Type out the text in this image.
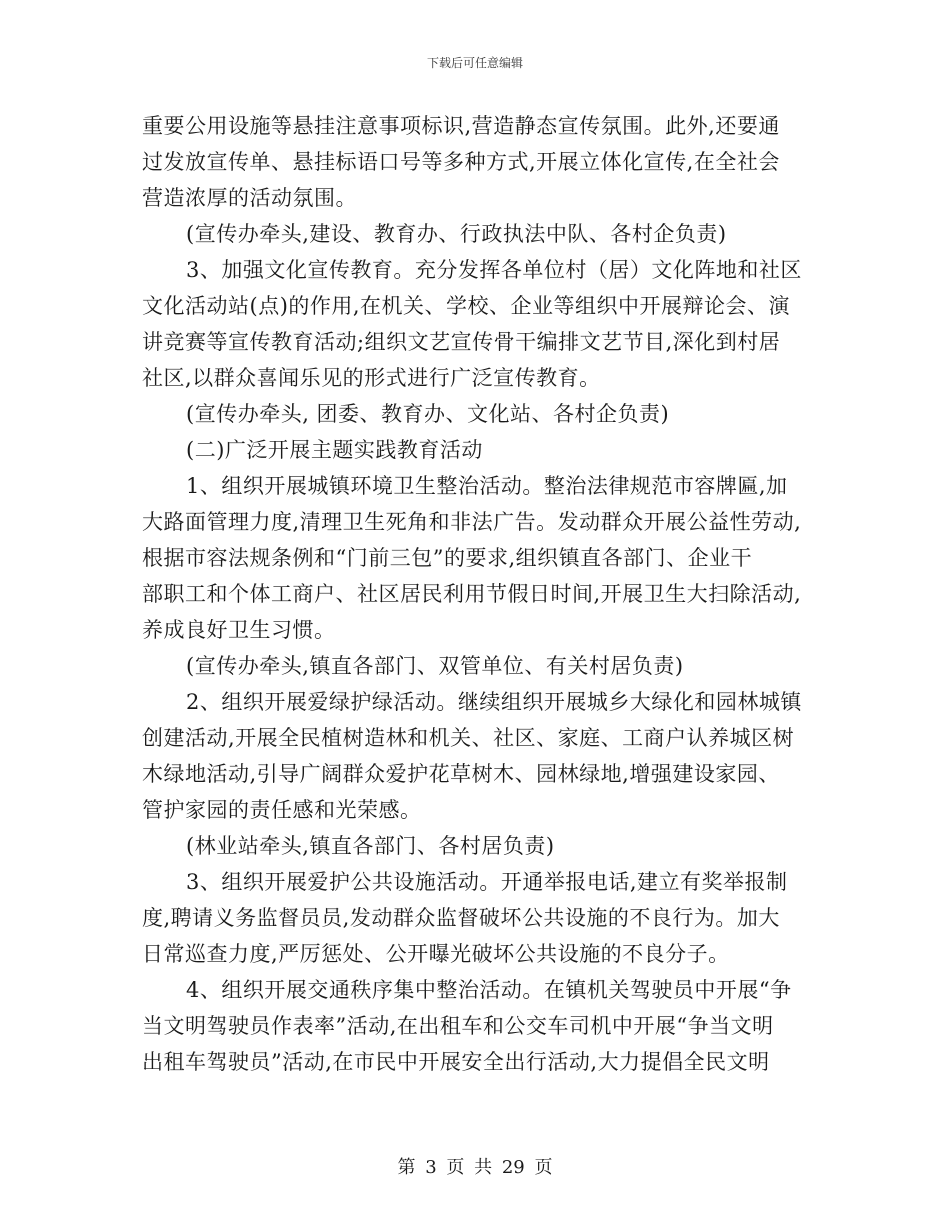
下载后可任意编辑
重要公用设施等悬挂注意事项标识,营造静态宣传氛围。此外,还要通
过发放宣传单、悬挂标语口号等多种方式,开展立体化宣传,在全社会
营造浓厚的活动氛围。
(宣传办牵头,建设、教育办、行政执法中队、各村企负责)
3、加强文化宣传教育。充分发挥各单位村（居）文化阵地和社区
文化活动站(点)的作用,在机关、学校、企业等组织中开展辩论会、演
讲竞赛等宣传教育活动;组织文艺宣传骨干编排文艺节目,深化到村居
社区,以群众喜闻乐见的形式进行广泛宣传教育。
(宣传办牵头, 团委、教育办、文化站、各村企负责)
(二)广泛开展主题实践教育活动
1、组织开展城镇环境卫生整治活动。整治法律规范市容牌匾,加
大路面管理力度,清理卫生死角和非法广告。发动群众开展公益性劳动,
根据市容法规条例和“门前三包”的要求,组织镇直各部门、企业干
部职工和个体工商户、社区居民利用节假日时间,开展卫生大扫除活动,
养成良好卫生习惯。
(宣传办牵头,镇直各部门、双管单位、有关村居负责)
2、组织开展爱绿护绿活动。继续组织开展城乡大绿化和园林城镇
创建活动,开展全民植树造林和机关、社区、家庭、工商户认养城区树
木绿地活动,引导广阔群众爱护花草树木、园林绿地,增强建设家园、
管护家园的责任感和光荣感。
(林业站牵头,镇直各部门、各村居负责)
3、组织开展爱护公共设施活动。开通举报电话,建立有奖举报制
度,聘请义务监督员员,发动群众监督破坏公共设施的不良行为。加大
日常巡查力度,严厉惩处、公开曝光破坏公共设施的不良分子。
4、组织开展交通秩序集中整治活动。在镇机关驾驶员中开展“争
当文明驾驶员作表率”活动,在出租车和公交车司机中开展“争当文明
出租车驾驶员”活动,在市民中开展安全出行活动,大力提倡全民文明
第 3 页 共 29 页
